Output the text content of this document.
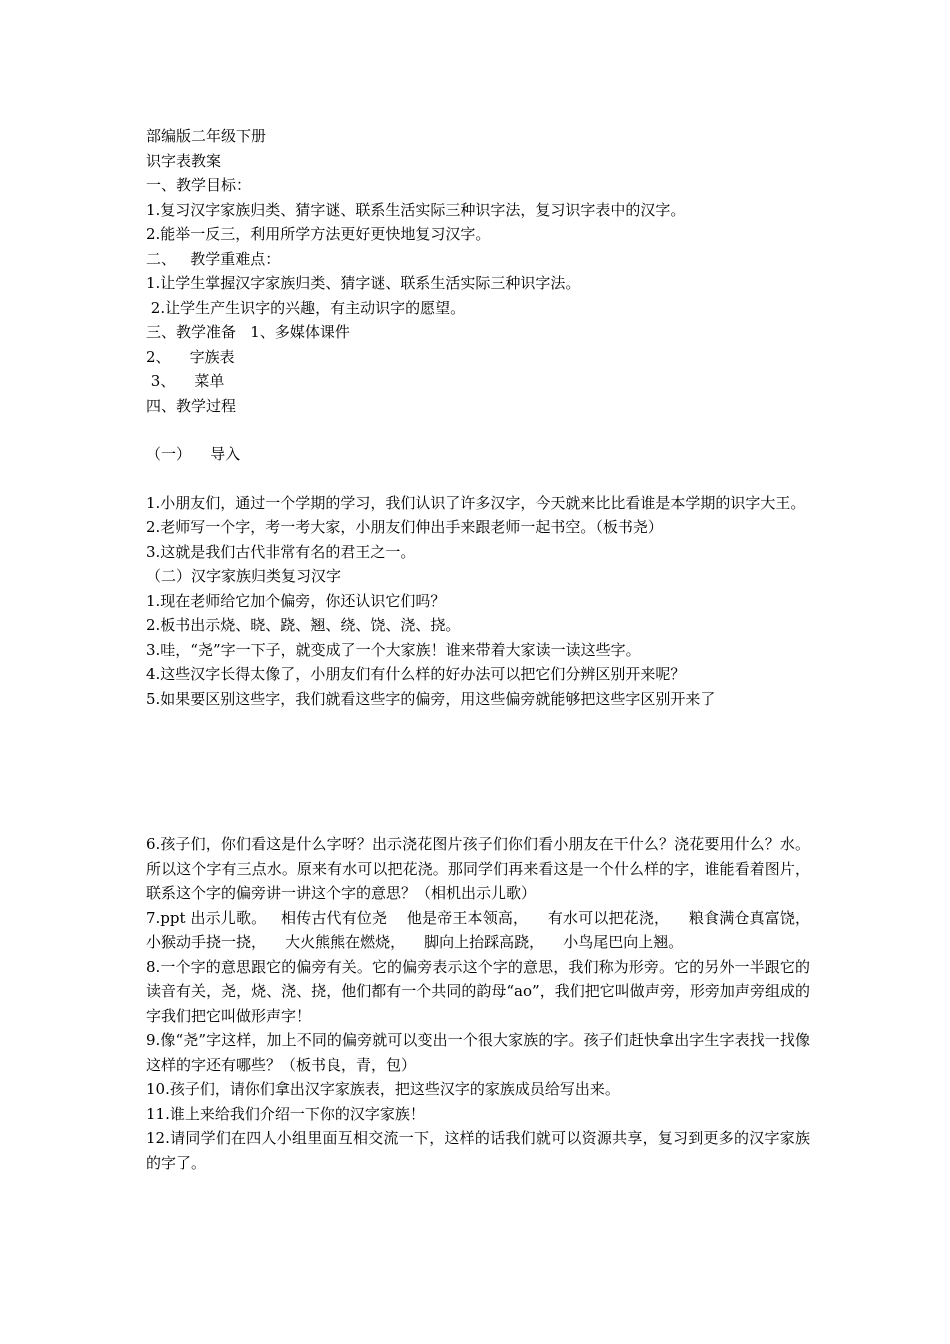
部编版二年级下册

识字表教案

一、教学目标：

1.复习汉字家族归类、猜字谜、联系生活实际三种识字法，复习识字表中的汉字。

2.能举一反三，利用所学方法更好更快地复习汉字。

二、   教学重难点：

1.让学生掌握汉字家族归类、猜字谜、联系生活实际三种识字法。

2.让学生产生识字的兴趣，有主动识字的愿望。

三、教学准备   1、多媒体课件

2、    字族表

3、    菜单

四、教学过程

（一）    导入

1.小朋友们，通过一个学期的学习，我们认识了许多汉字，今天就来比比看谁是本学期的识字大王。

2.老师写一个字，考一考大家，小朋友们伸出手来跟老师一起书空。（板书尧）

3.这就是我们古代非常有名的君王之一。

（二）汉字家族归类复习汉字

1.现在老师给它加个偏旁，你还认识它们吗？

2.板书出示烧、晓、跷、翘、绕、饶、浇、挠。

3.哇，“尧”字一下子，就变成了一个大家族！谁来带着大家读一读这些字。

4.这些汉字长得太像了，小朋友们有什么样的好办法可以把它们分辨区别开来呢？

5.如果要区别这些字，我们就看这些字的偏旁，用这些偏旁就能够把这些字区别开来了

6.孩子们，你们看这是什么字呀？出示浇花图片孩子们你们看小朋友在干什么？浇花要用什么？水。所以这个字有三点水。原来有水可以把花浇。那同学们再来看这是一个什么样的字，谁能看着图片，联系这个字的偏旁讲一讲这个字的意思？（相机出示儿歌）

7.ppt 出示儿歌。   相传古代有位尧    他是帝王本领高，    有水可以把花浇，    粮食满仓真富饶，    小猴动手挠一挠，    大火熊熊在燃烧，    脚向上抬踩高跷，    小鸟尾巴向上翘。

8.一个字的意思跟它的偏旁有关。它的偏旁表示这个字的意思，我们称为形旁。它的另外一半跟它的读音有关，尧，烧、浇、挠，他们都有一个共同的韵母“ao”，我们把它叫做声旁，形旁加声旁组成的字我们把它叫做形声字！

9.像“尧”字这样，加上不同的偏旁就可以变出一个很大家族的字。孩子们赶快拿出字生字表找一找像这样的字还有哪些？（板书良，青，包）

10.孩子们，请你们拿出汉字家族表，把这些汉字的家族成员给写出来。

11.谁上来给我们介绍一下你的汉字家族！

12.请同学们在四人小组里面互相交流一下，这样的话我们就可以资源共享，复习到更多的汉字家族的字了。
